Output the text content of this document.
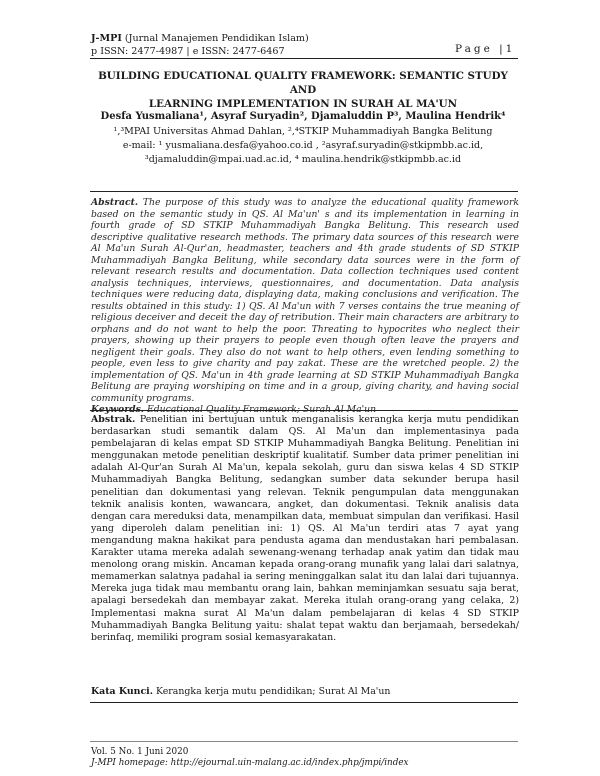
J-MPI (Jurnal Manajemen Pendidikan Islam)
p ISSN: 2477-4987 | e ISSN: 2477-6467	Page |1
BUILDING EDUCATIONAL QUALITY FRAMEWORK: SEMANTIC STUDY AND
LEARNING IMPLEMENTATION IN SURAH AL MA'UN
Desfa Yusmaliana¹, Asyraf Suryadin², Djamaluddin P³, Maulina Hendrik⁴
¹,³MPAI Universitas Ahmad Dahlan, ²,⁴STKIP Muhammadiyah Bangka Belitung
e-mail: ¹ yusmaliana.desfa@yahoo.co.id , ²asyraf.suryadin@stkipmbb.ac.id,
³djamaluddin@mpai.uad.ac.id, ⁴ maulina.hendrik@stkipmbb.ac.id

Abstract. The purpose of this study was to analyze the educational quality framework based on the semantic study in QS. Al Ma'un' s and its implementation in learning in fourth grade of SD STKIP Muhammadiyah Bangka Belitung. This research used descriptive qualitative research methods. The primary data sources of this research were Al Ma'un Surah Al-Qur'an, headmaster, teachers and 4th grade students of SD STKIP Muhammadiyah Bangka Belitung, while secondary data sources were in the form of relevant research results and documentation. Data collection techniques used content analysis techniques, interviews, questionnaires, and documentation. Data analysis techniques were reducing data, displaying data, making conclusions and verification. The results obtained in this study: 1) QS. Al Ma'un with 7 verses contains the true meaning of religious deceiver and deceit the day of retribution. Their main characters are arbitrary to orphans and do not want to help the poor. Threating to hypocrites who neglect their prayers, showing up their prayers to people even though often leave the prayers and negligent their goals. They also do not want to help others, even lending something to people, even less to give charity and pay zakat. These are the wretched people. 2) the implementation of QS. Ma'un in 4th grade learning at SD STKIP Muhammadiyah Bangka Belitung are praying worshiping on time and in a group, giving charity, and having social community programs.

Abstrak. Penelitian ini bertujuan untuk menganalisis kerangka kerja mutu pendidikan berdasarkan studi semantik dalam QS. Al Ma'un dan implementasinya pada pembelajaran di kelas empat SD STKIP Muhammadiyah Bangka Belitung. Penelitian ini menggunakan metode penelitian deskriptif kualitatif. Sumber data primer penelitian ini adalah Al-Qur'an Surah Al Ma'un, kepala sekolah, guru dan siswa kelas 4 SD STKIP Muhammadiyah Bangka Belitung, sedangkan sumber data sekunder berupa hasil penelitian dan dokumentasi yang relevan. Teknik pengumpulan data menggunakan teknik analisis konten, wawancara, angket, dan dokumentasi. Teknik analisis data dengan cara mereduksi data, menampilkan data, membuat simpulan dan verifikasi. Hasil yang diperoleh dalam penelitian ini: 1) QS. Al Ma'un terdiri atas 7 ayat yang mengandung makna hakikat para pendusta agama dan mendustakan hari pembalasan. Karakter utama mereka adalah sewenang-wenang terhadap anak yatim dan tidak mau menolong orang miskin. Ancaman kepada orang-orang munafik yang lalai dari salatnya, memamerkan salatnya padahal ia sering meninggalkan salat itu dan lalai dari tujuannya. Mereka juga tidak mau membantu orang lain, bahkan meminjamkan sesuatu saja berat, apalagi bersedekah dan membayar zakat. Mereka itulah orang-orang yang celaka, 2) Implementasi makna surat Al Ma'un dalam pembelajaran di kelas 4 SD STKIP Muhammadiyah Bangka Belitung yaitu: shalat tepat waktu dan berjamaah, bersedekah/ berinfaq, memiliki program sosial kemasyarakatan.

Kata Kunci. Kerangka kerja mutu pendidikan; Surat Al Ma'un
Vol. 5 No. 1 Juni 2020
J-MPI homepage: http://ejournal.uin-malang.ac.id/index.php/jmpi/index
